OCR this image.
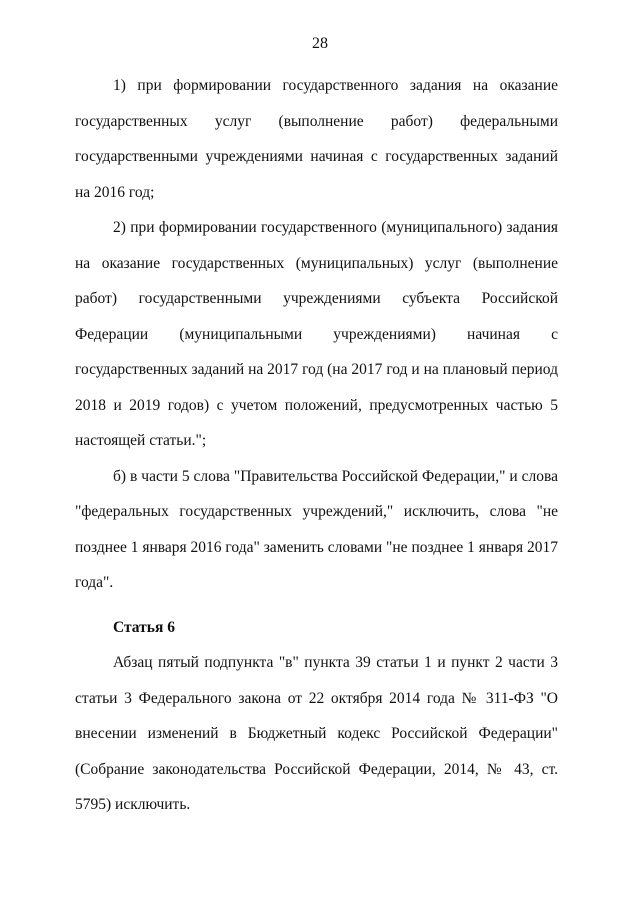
28

1) при формировании государственного задания на оказание государственных услуг (выполнение работ) федеральными государственными учреждениями начиная с государственных заданий на 2016 год;

2) при формировании государственного (муниципального) задания на оказание государственных (муниципальных) услуг (выполнение работ) государственными учреждениями субъекта Российской Федерации (муниципальными учреждениями) начиная с государственных заданий на 2017 год (на 2017 год и на плановый период 2018 и 2019 годов) с учетом положений, предусмотренных частью 5 настоящей статьи.";

б) в части 5 слова "Правительства Российской Федерации," и слова "федеральных государственных учреждений," исключить, слова "не позднее 1 января 2016 года" заменить словами "не позднее 1 января 2017 года".

Статья 6

Абзац пятый подпункта "в" пункта 39 статьи 1 и пункт 2 части 3 статьи 3 Федерального закона от 22 октября 2014 года № 311-ФЗ "О внесении изменений в Бюджетный кодекс Российской Федерации" (Собрание законодательства Российской Федерации, 2014, № 43, ст. 5795) исключить.
